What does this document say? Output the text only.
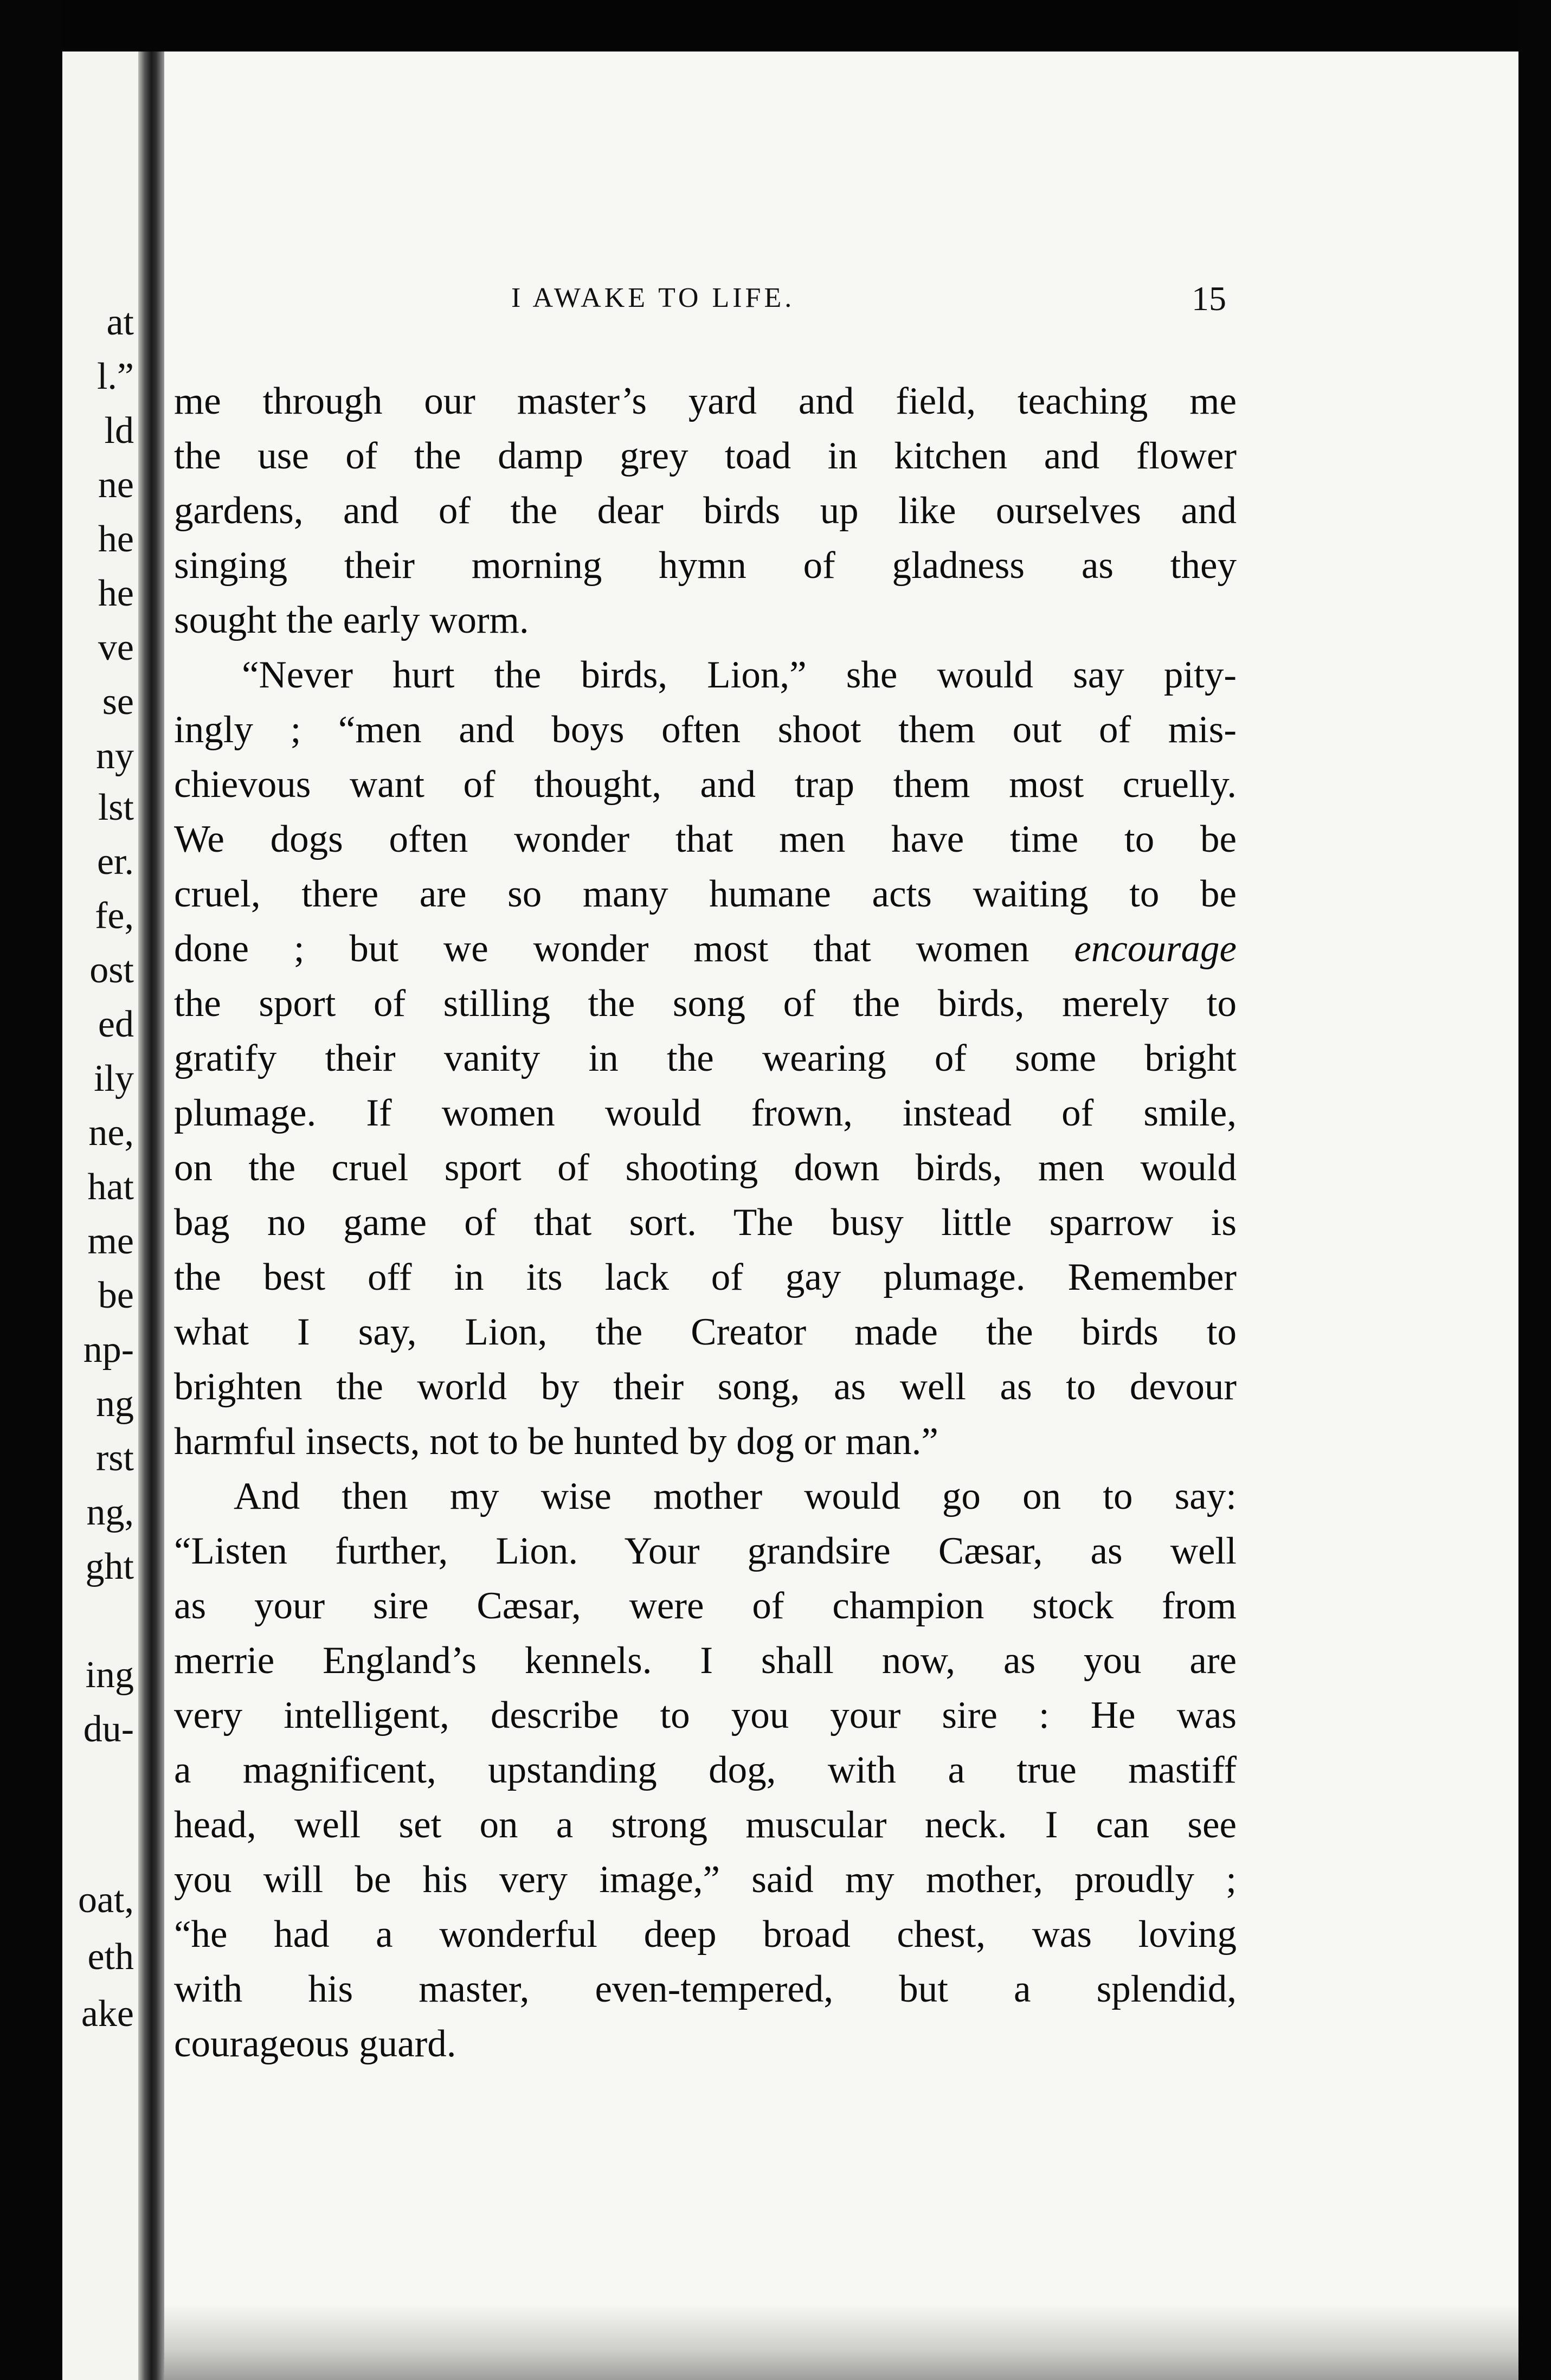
at
l.”
ld
ne
he
he
ve
se
ny
lst
er.
fe,
ost
ed
ily
ne,
hat
me
be
np-
ng
rst
ng,
ght
ing
du-
oat,
eth
ake
I AWAKE TO LIFE.	15
me through our master’s yard and field, teaching me
the use of the damp grey toad in kitchen and flower
gardens, and of the dear birds up like ourselves and
singing their morning hymn of gladness as they
sought the early worm.
“Never hurt the birds, Lion,” she would say pity-
ingly ; “men and boys often shoot them out of mis-
chievous want of thought, and trap them most cruelly.
We dogs often wonder that men have time to be
cruel, there are so many humane acts waiting to be
done ; but we wonder most that women encourage
the sport of stilling the song of the birds, merely to
gratify their vanity in the wearing of some bright
plumage. If women would frown, instead of smile,
on the cruel sport of shooting down birds, men would
bag no game of that sort. The busy little sparrow is
the best off in its lack of gay plumage. Remember
what I say, Lion, the Creator made the birds to
brighten the world by their song, as well as to devour
harmful insects, not to be hunted by dog or man.”
And then my wise mother would go on to say:
“Listen further, Lion. Your grandsire Cæsar, as well
as your sire Cæsar, were of champion stock from
merrie England’s kennels. I shall now, as you are
very intelligent, describe to you your sire : He was
a magnificent, upstanding dog, with a true mastiff
head, well set on a strong muscular neck. I can see
you will be his very image,” said my mother, proudly ;
“he had a wonderful deep broad chest, was loving
with his master, even-tempered, but a splendid,
courageous guard.
